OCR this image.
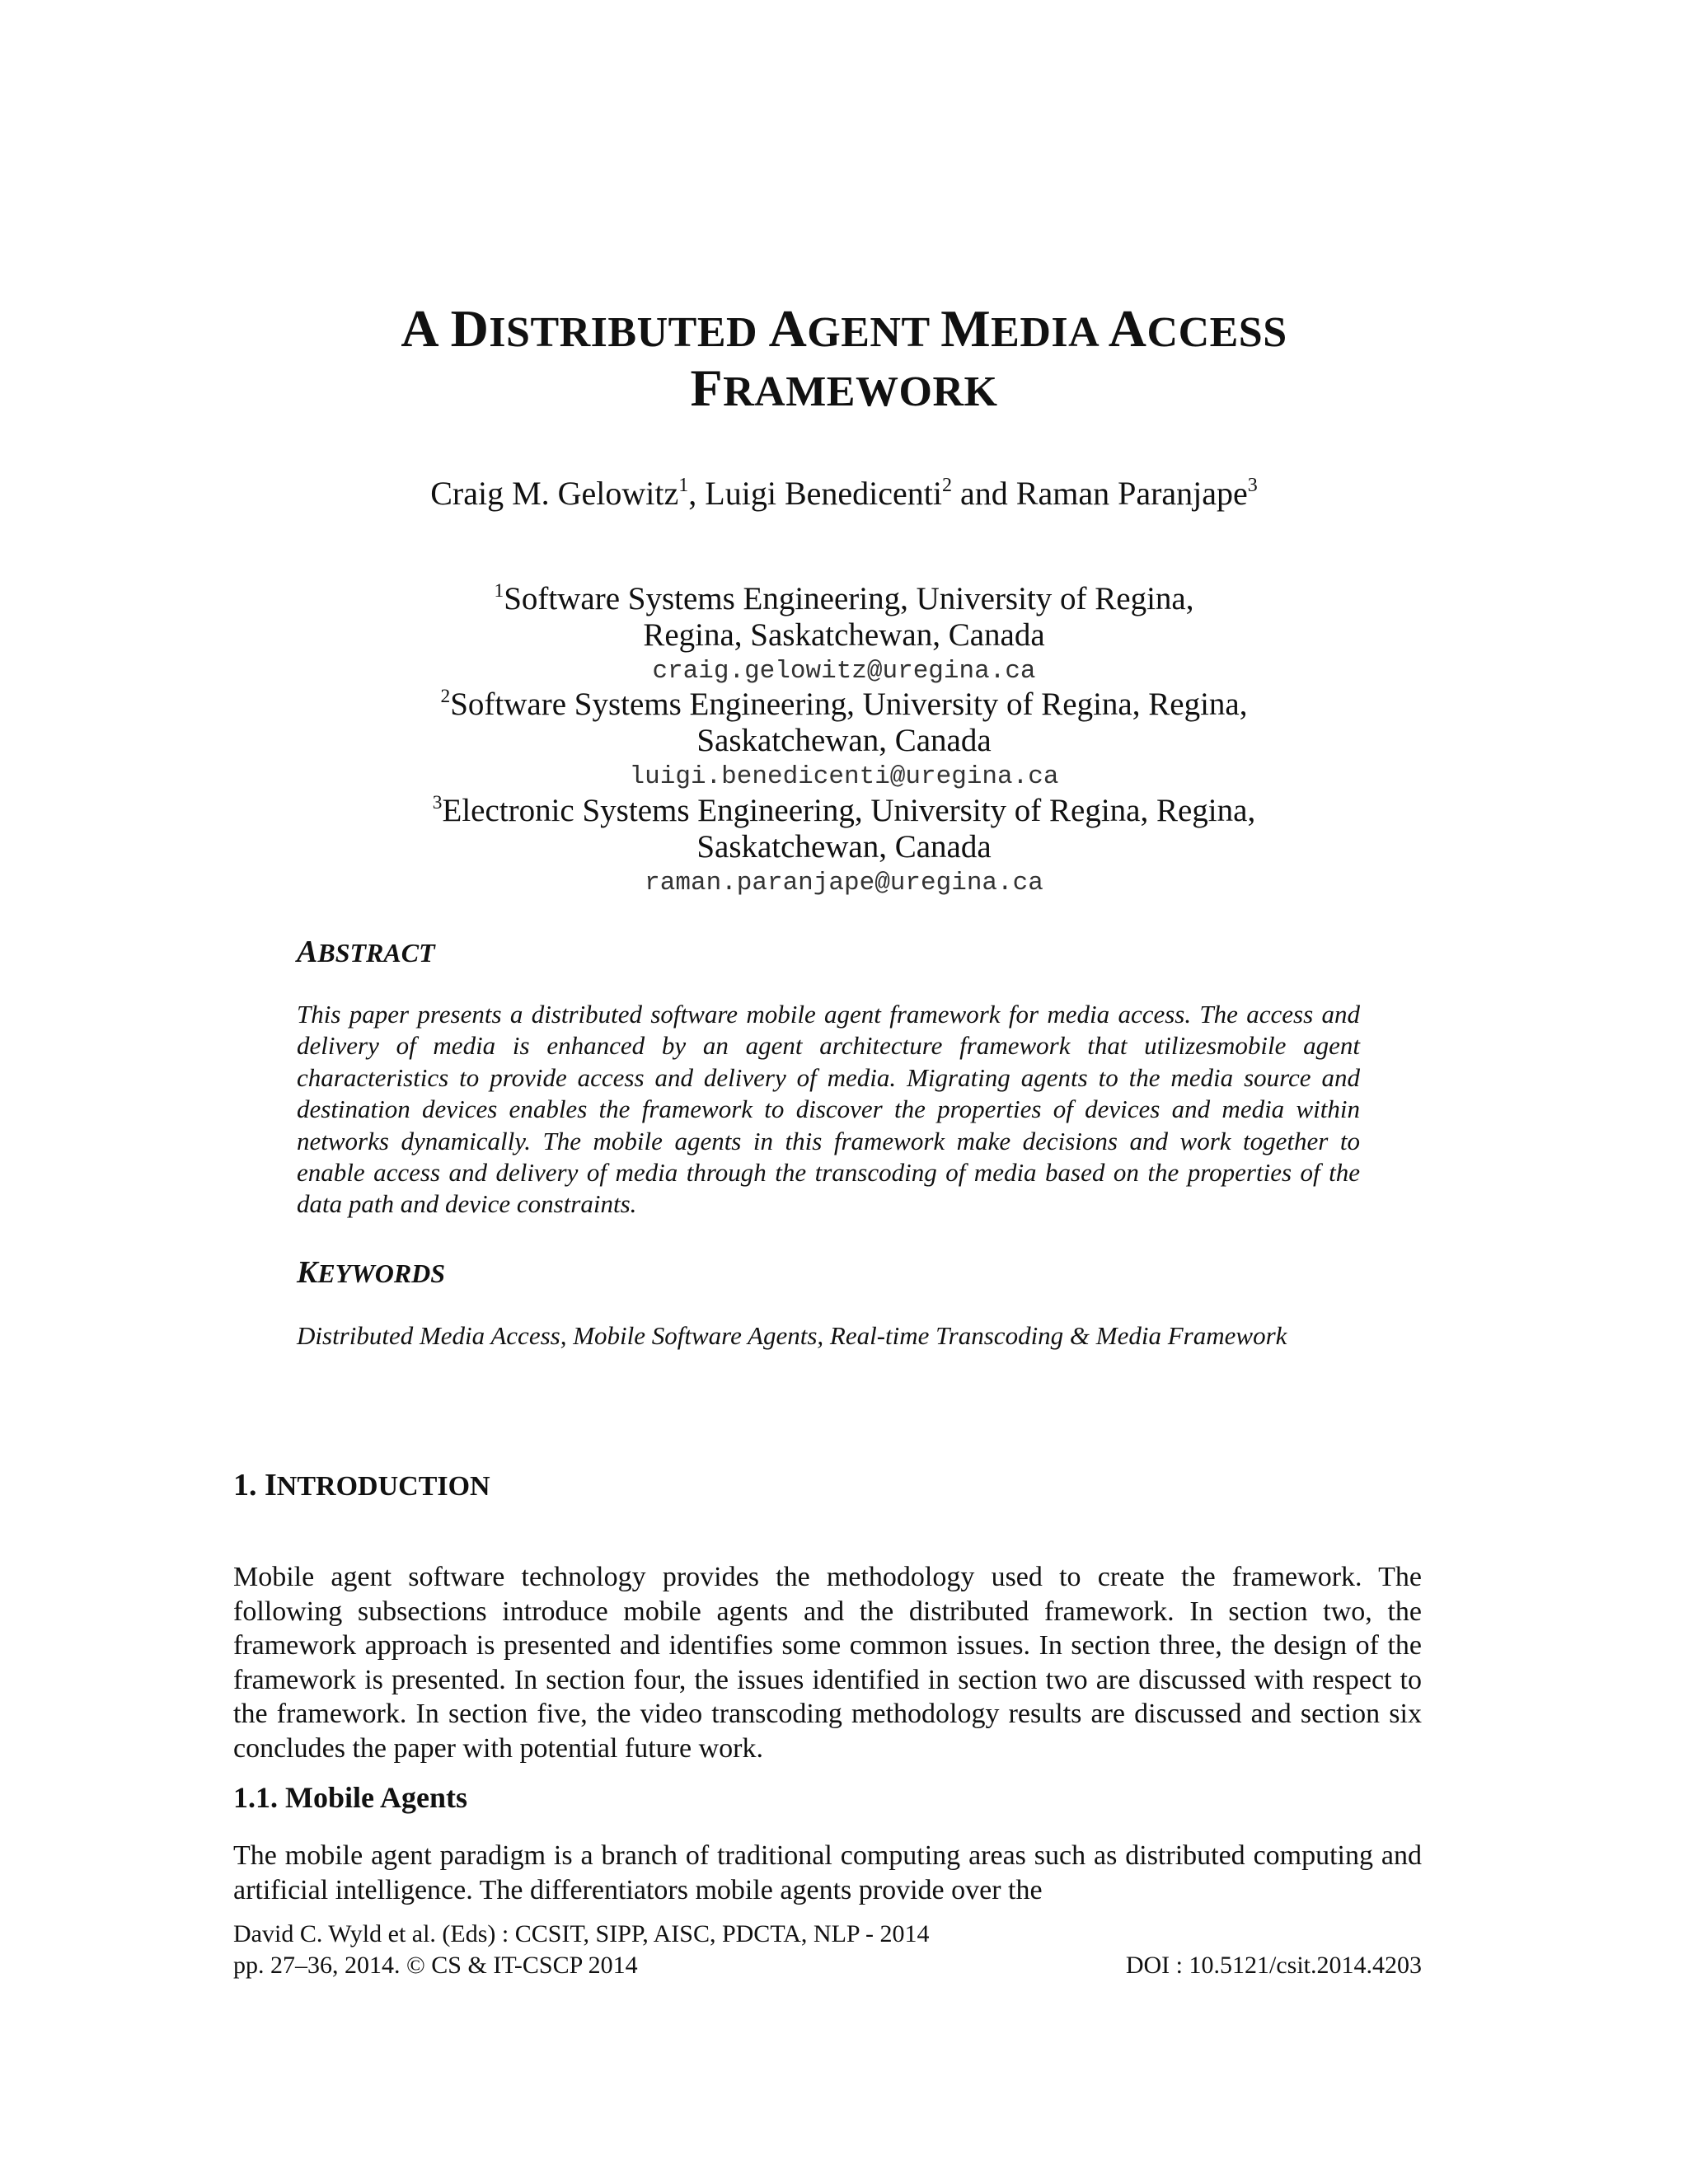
A DISTRIBUTED AGENT MEDIA ACCESS
FRAMEWORK
Craig M. Gelowitz$^1$, Luigi Benedicenti$^2$ and Raman Paranjape$^3$
$^1$Software Systems Engineering, University of Regina,
Regina, Saskatchewan, Canada
craig.gelowitz@uregina.ca
$^2$Software Systems Engineering, University of Regina, Regina,
Saskatchewan, Canada
luigi.benedicenti@uregina.ca
$^3$Electronic Systems Engineering, University of Regina, Regina,
Saskatchewan, Canada
raman.paranjape@uregina.ca
ABSTRACT
This paper presents a distributed software mobile agent framework for media access. The access and delivery of media is enhanced by an agent architecture framework that utilizesmobile agent characteristics to provide access and delivery of media. Migrating agents to the media source and destination devices enables the framework to discover the properties of devices and media within networks dynamically. The mobile agents in this framework make decisions and work together to enable access and delivery of media through the transcoding of media based on the properties of the data path and device constraints.
KEYWORDS
Distributed Media Access, Mobile Software Agents, Real-time Transcoding & Media Framework
1. INTRODUCTION
Mobile agent software technology provides the methodology used to create the framework. The following subsections introduce mobile agents and the distributed framework. In section two, the framework approach is presented and identifies some common issues. In section three, the design of the framework is presented. In section four, the issues identified in section two are discussed with respect to the framework. In section five, the video transcoding methodology results are discussed and section six concludes the paper with potential future work.
1.1. Mobile Agents
The mobile agent paradigm is a branch of traditional computing areas such as distributed computing and artificial intelligence. The differentiators mobile agents provide over the
David C. Wyld et al. (Eds) : CCSIT, SIPP, AISC, PDCTA, NLP - 2014
pp. 27–36, 2014. © CS & IT-CSCP 2014	DOI : 10.5121/csit.2014.4203
